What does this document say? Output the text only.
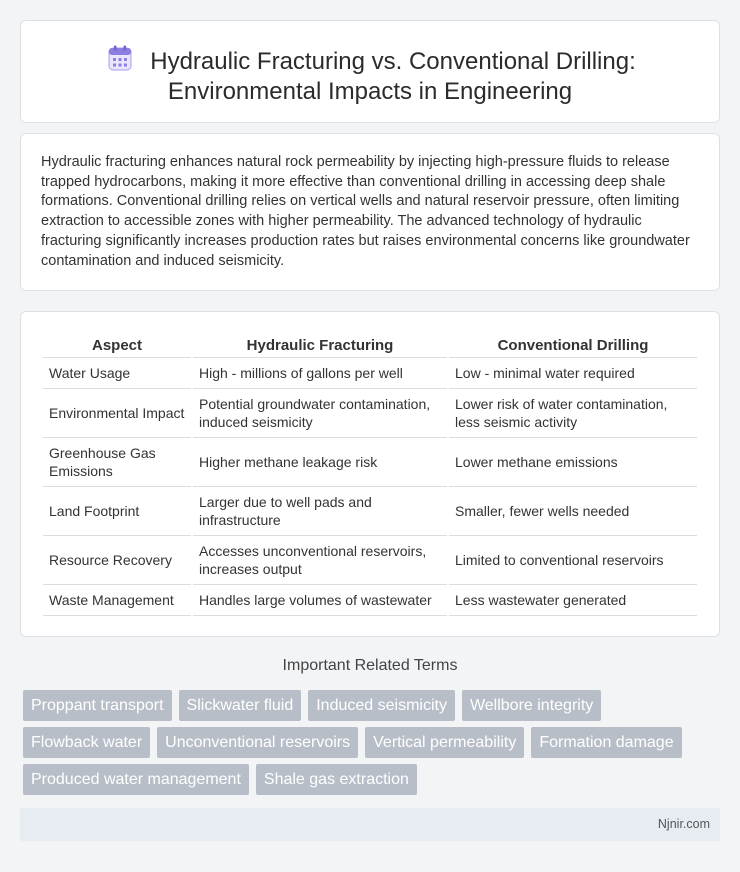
Hydraulic Fracturing vs. Conventional Drilling:
Environmental Impacts in Engineering

Hydraulic fracturing enhances natural rock permeability by injecting high-pressure fluids to release trapped hydrocarbons, making it more effective than conventional drilling in accessing deep shale formations. Conventional drilling relies on vertical wells and natural reservoir pressure, often limiting extraction to accessible zones with higher permeability. The advanced technology of hydraulic fracturing significantly increases production rates but raises environmental concerns like groundwater contamination and induced seismicity.

Aspect	Hydraulic Fracturing	Conventional Drilling
Water Usage	High - millions of gallons per well	Low - minimal water required
Environmental Impact	Potential groundwater contamination, induced seismicity	Lower risk of water contamination, less seismic activity
Greenhouse Gas Emissions	Higher methane leakage risk	Lower methane emissions
Land Footprint	Larger due to well pads and infrastructure	Smaller, fewer wells needed
Resource Recovery	Accesses unconventional reservoirs, increases output	Limited to conventional reservoirs
Waste Management	Handles large volumes of wastewater	Less wastewater generated
Important Related Terms
Proppant transport	Slickwater fluid	Induced seismicity	Wellbore integrity
Flowback water	Unconventional reservoirs	Vertical permeability	Formation damage
Produced water management	Shale gas extraction
Njnir.com
